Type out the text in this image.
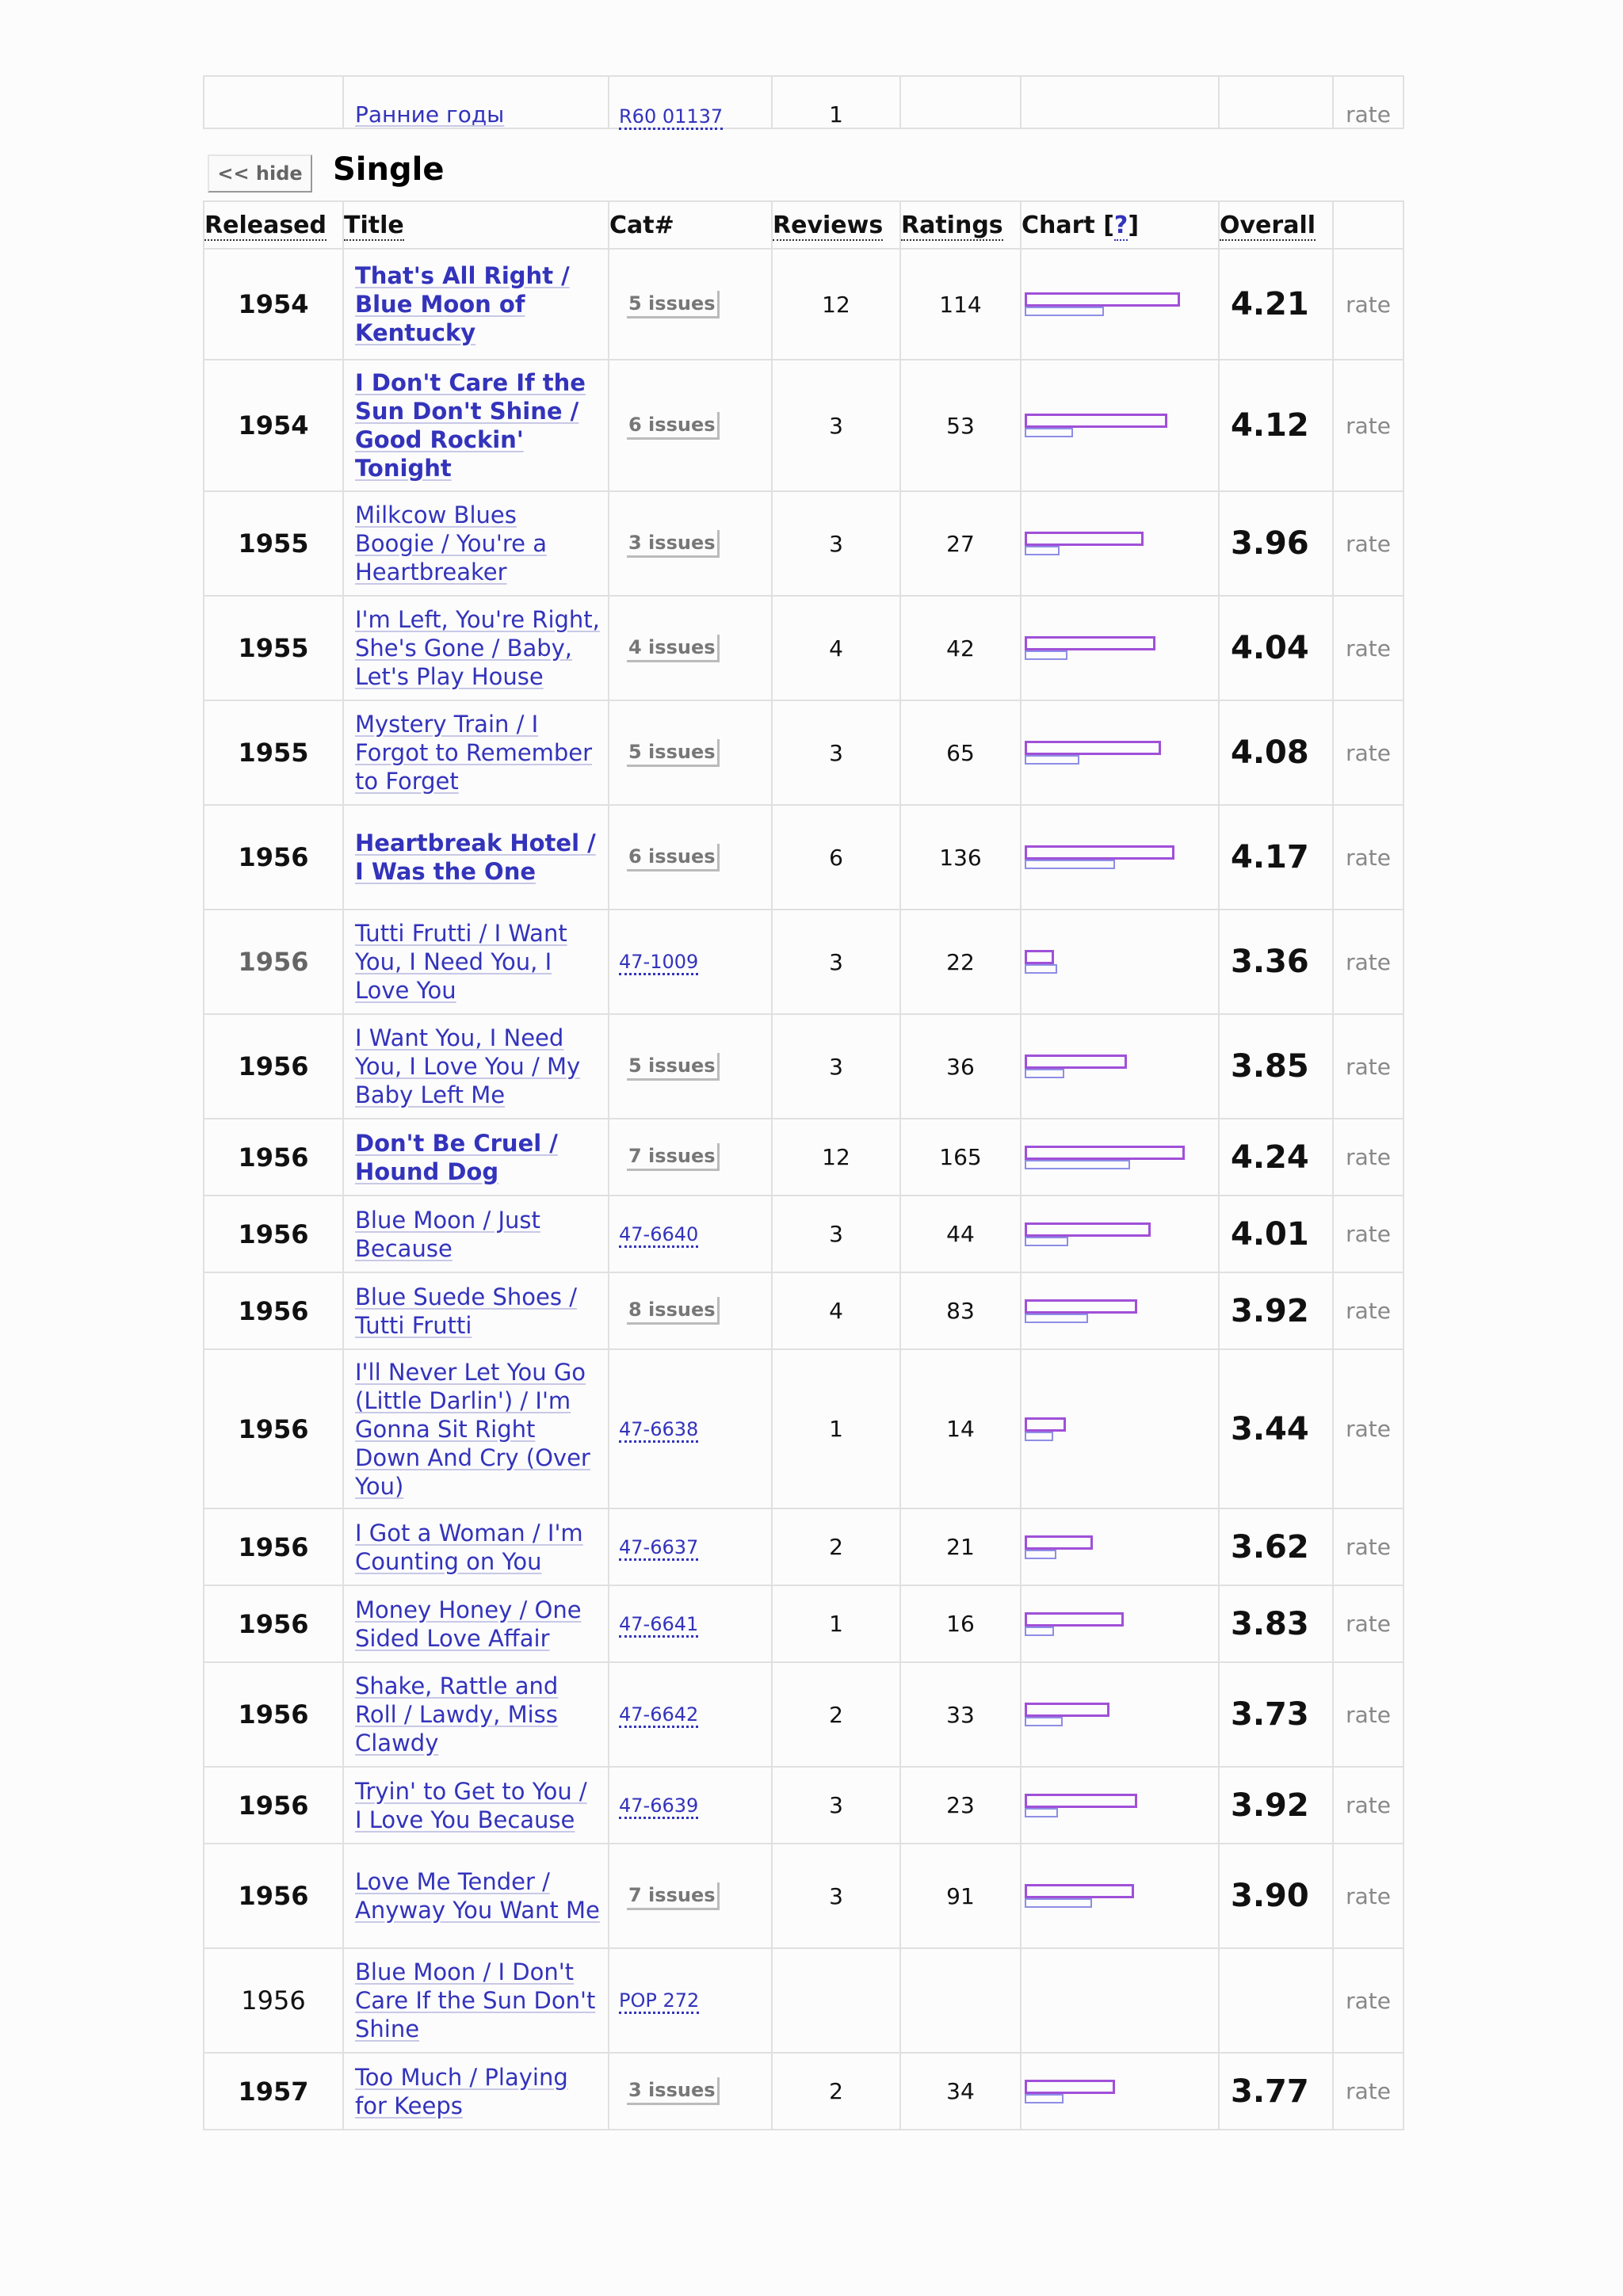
	Ранние годы	R60 01137	1				rate
<< hide Single
Released	Title	Cat#	Reviews	Ratings	Chart [?]	Overall	
1954	That's All Right / Blue Moon of Kentucky	5 issues	12	114		4.21	rate
1954	I Don't Care If the Sun Don't Shine / Good Rockin' Tonight	6 issues	3	53		4.12	rate
1955	Milkcow Blues Boogie / You're a Heartbreaker	3 issues	3	27		3.96	rate
1955	I'm Left, You're Right, She's Gone / Baby, Let's Play House	4 issues	4	42		4.04	rate
1955	Mystery Train / I Forgot to Remember to Forget	5 issues	3	65		4.08	rate
1956	Heartbreak Hotel / I Was the One	6 issues	6	136		4.17	rate
1956	Tutti Frutti / I Want You, I Need You, I Love You	47-1009	3	22		3.36	rate
1956	I Want You, I Need You, I Love You / My Baby Left Me	5 issues	3	36		3.85	rate
1956	Don't Be Cruel / Hound Dog	7 issues	12	165		4.24	rate
1956	Blue Moon / Just Because	47-6640	3	44		4.01	rate
1956	Blue Suede Shoes / Tutti Frutti	8 issues	4	83		3.92	rate
1956	I'll Never Let You Go (Little Darlin') / I'm Gonna Sit Right Down And Cry (Over You)	47-6638	1	14		3.44	rate
1956	I Got a Woman / I'm Counting on You	47-6637	2	21		3.62	rate
1956	Money Honey / One Sided Love Affair	47-6641	1	16		3.83	rate
1956	Shake, Rattle and Roll / Lawdy, Miss Clawdy	47-6642	2	33		3.73	rate
1956	Tryin' to Get to You / I Love You Because	47-6639	3	23		3.92	rate
1956	Love Me Tender / Anyway You Want Me	7 issues	3	91		3.90	rate
1956	Blue Moon / I Don't Care If the Sun Don't Shine	POP 272					rate
1957	Too Much / Playing for Keeps	3 issues	2	34		3.77	rate
